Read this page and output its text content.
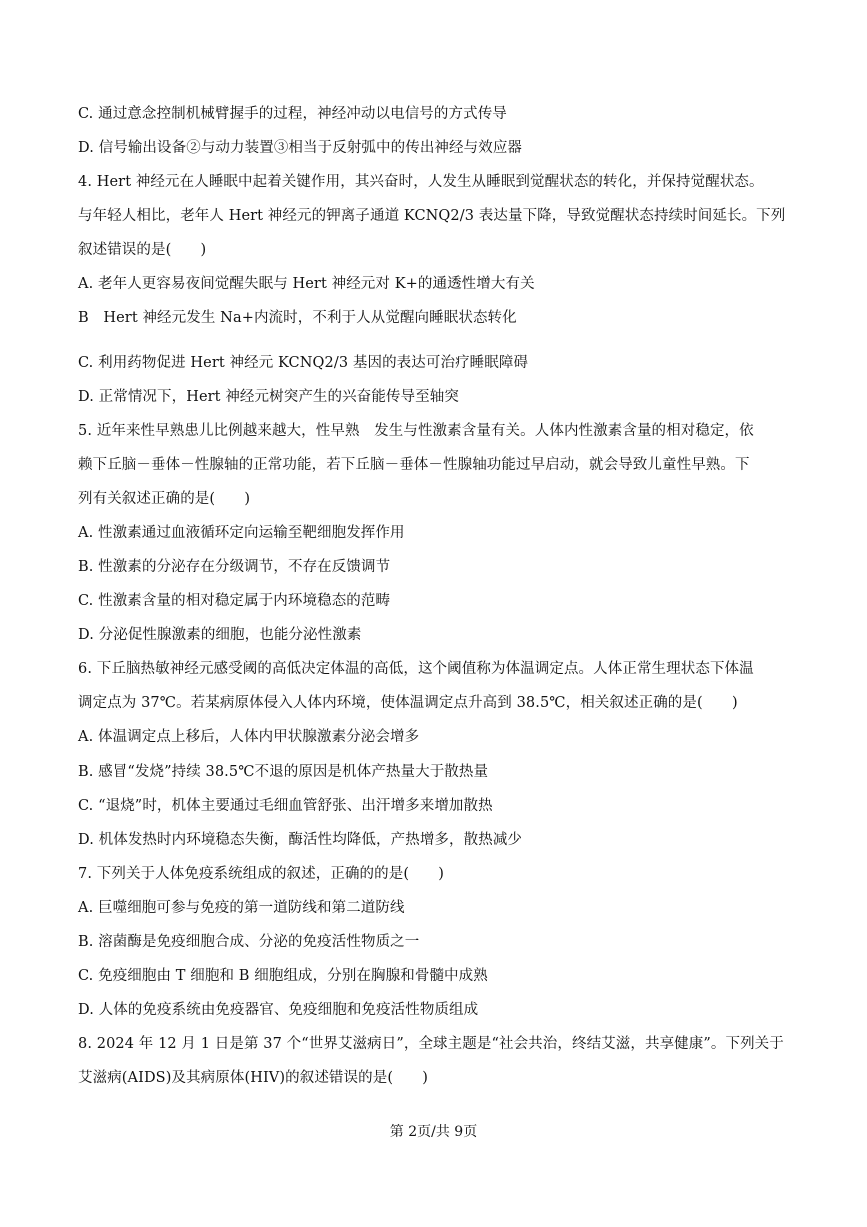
C. 通过意念控制机械臂握手的过程，神经冲动以电信号的方式传导
D. 信号输出设备②与动力装置③相当于反射弧中的传出神经与效应器
4. Hert 神经元在人睡眠中起着关键作用，其兴奋时，人发生从睡眠到觉醒状态的转化，并保持觉醒状态。
与年轻人相比，老年人 Hert 神经元的钾离子通道 KCNQ2/3 表达量下降，导致觉醒状态持续时间延长。下列
叙述错误的是(　　)
A. 老年人更容易夜间觉醒失眠与 Hert 神经元对 K+的通透性增大有关
B　Hert 神经元发生 Na+内流时，不利于人从觉醒向睡眠状态转化
C. 利用药物促进 Hert 神经元 KCNQ2/3 基因的表达可治疗睡眠障碍
D. 正常情况下，Hert 神经元树突产生的兴奋能传导至轴突
5. 近年来性早熟患儿比例越来越大，性早熟　发生与性激素含量有关。人体内性激素含量的相对稳定，依
赖下丘脑－垂体－性腺轴的正常功能，若下丘脑－垂体－性腺轴功能过早启动，就会导致儿童性早熟。下
列有关叙述正确的是(　　)
A. 性激素通过血液循环定向运输至靶细胞发挥作用
B. 性激素的分泌存在分级调节，不存在反馈调节
C. 性激素含量的相对稳定属于内环境稳态的范畴
D. 分泌促性腺激素的细胞，也能分泌性激素
6. 下丘脑热敏神经元感受阈的高低决定体温的高低，这个阈值称为体温调定点。人体正常生理状态下体温
调定点为 37℃。若某病原体侵入人体内环境，使体温调定点升高到 38.5℃，相关叙述正确的是(　　)
A. 体温调定点上移后，人体内甲状腺激素分泌会增多
B. 感冒“发烧”持续 38.5℃不退的原因是机体产热量大于散热量
C. “退烧”时，机体主要通过毛细血管舒张、出汗增多来增加散热
D. 机体发热时内环境稳态失衡，酶活性均降低，产热增多，散热减少
7. 下列关于人体免疫系统组成的叙述，正确的的是(　　)
A. 巨噬细胞可参与免疫的第一道防线和第二道防线
B. 溶菌酶是免疫细胞合成、分泌的免疫活性物质之一
C. 免疫细胞由 T 细胞和 B 细胞组成，分别在胸腺和骨髓中成熟
D. 人体的免疫系统由免疫器官、免疫细胞和免疫活性物质组成
8. 2024 年 12 月 1 日是第 37 个“世界艾滋病日”，全球主题是“社会共治，终结艾滋，共享健康”。下列关于
艾滋病(AIDS)及其病原体(HIV)的叙述错误的是(　　)
第 2页/共 9页
